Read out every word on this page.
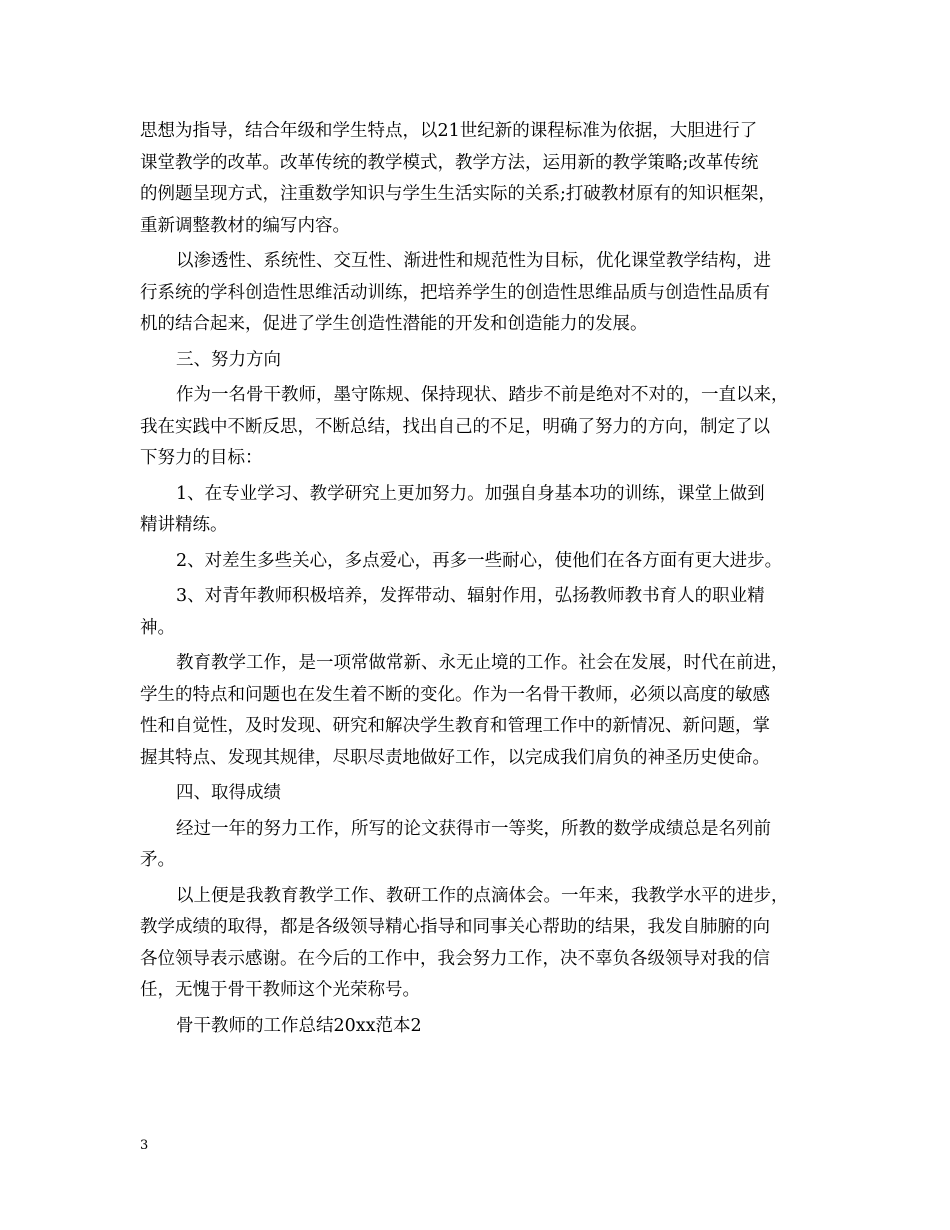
思想为指导，结合年级和学生特点，以21世纪新的课程标准为依据，大胆进行了
课堂教学的改革。改革传统的教学模式，教学方法，运用新的教学策略;改革传统
的例题呈现方式，注重数学知识与学生生活实际的关系;打破教材原有的知识框架，
重新调整教材的编写内容。
以渗透性、系统性、交互性、渐进性和规范性为目标，优化课堂教学结构，进
行系统的学科创造性思维活动训练，把培养学生的创造性思维品质与创造性品质有
机的结合起来，促进了学生创造性潜能的开发和创造能力的发展。
三、努力方向
作为一名骨干教师，墨守陈规、保持现状、踏步不前是绝对不对的，一直以来，
我在实践中不断反思，不断总结，找出自己的不足，明确了努力的方向，制定了以
下努力的目标：
1、在专业学习、教学研究上更加努力。加强自身基本功的训练，课堂上做到
精讲精练。
2、对差生多些关心，多点爱心，再多一些耐心，使他们在各方面有更大进步。
3、对青年教师积极培养，发挥带动、辐射作用，弘扬教师教书育人的职业精
神。
教育教学工作，是一项常做常新、永无止境的工作。社会在发展，时代在前进，
学生的特点和问题也在发生着不断的变化。作为一名骨干教师，必须以高度的敏感
性和自觉性，及时发现、研究和解决学生教育和管理工作中的新情况、新问题，掌
握其特点、发现其规律，尽职尽责地做好工作，以完成我们肩负的神圣历史使命。
四、取得成绩
经过一年的努力工作，所写的论文获得市一等奖，所教的数学成绩总是名列前
矛。
以上便是我教育教学工作、教研工作的点滴体会。一年来，我教学水平的进步，
教学成绩的取得，都是各级领导精心指导和同事关心帮助的结果，我发自肺腑的向
各位领导表示感谢。在今后的工作中，我会努力工作，决不辜负各级领导对我的信
任，无愧于骨干教师这个光荣称号。
骨干教师的工作总结20xx范本2
3
